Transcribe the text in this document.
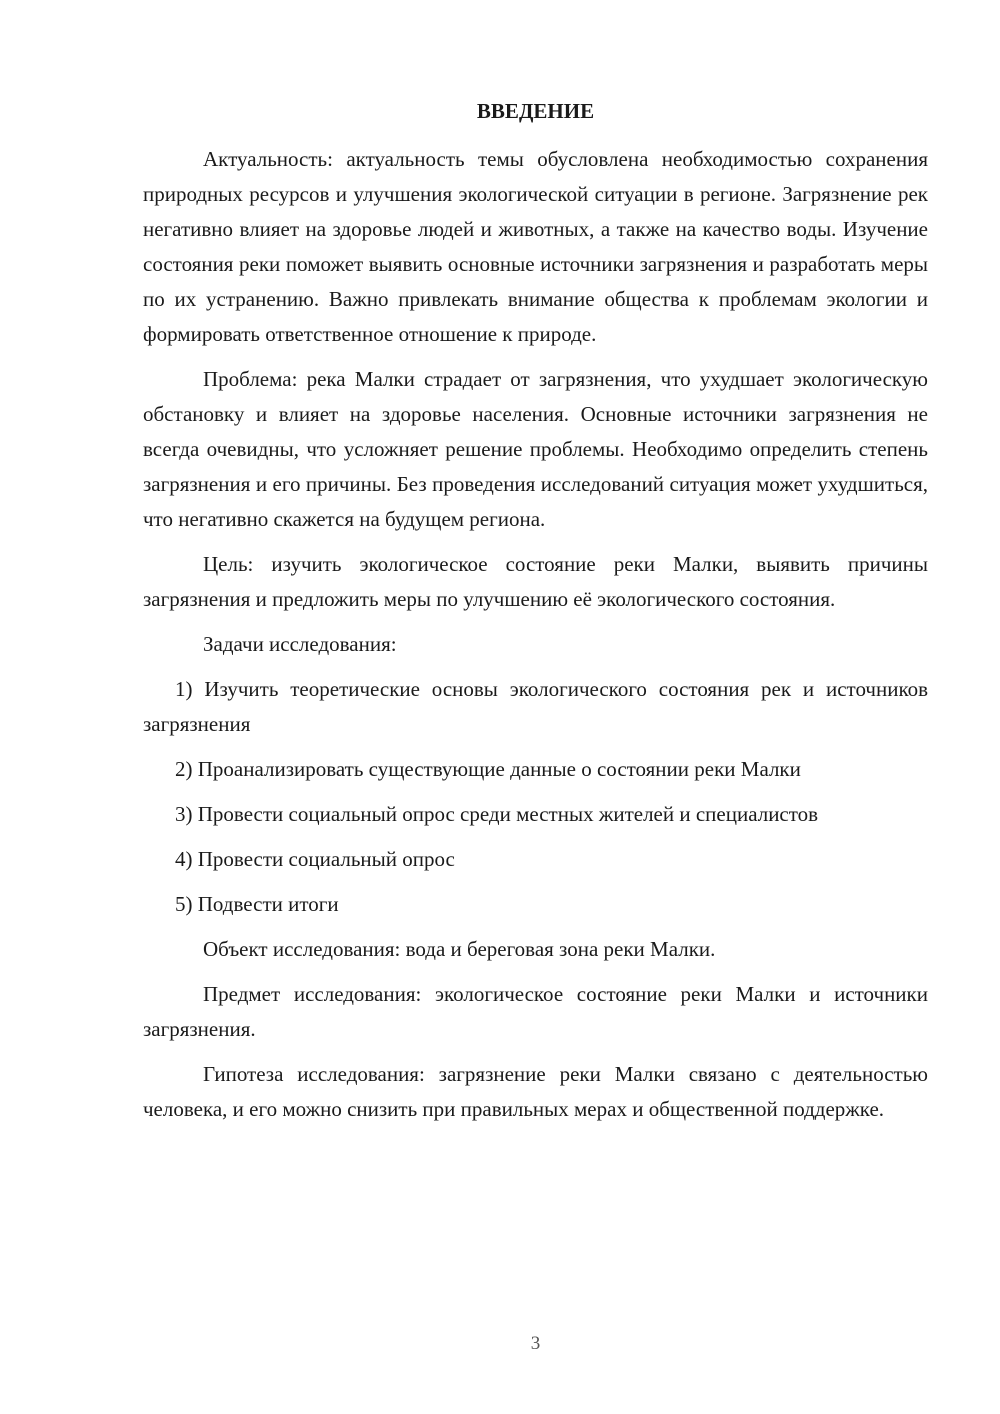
ВВЕДЕНИЕ

Актуальность: актуальность темы обусловлена необходимостью сохранения природных ресурсов и улучшения экологической ситуации в регионе. Загрязнение рек негативно влияет на здоровье людей и животных, а также на качество воды. Изучение состояния реки поможет выявить основные источники загрязнения и разработать меры по их устранению. Важно привлекать внимание общества к проблемам экологии и формировать ответственное отношение к природе.

Проблема: река Малки страдает от загрязнения, что ухудшает экологическую обстановку и влияет на здоровье населения. Основные источники загрязнения не всегда очевидны, что усложняет решение проблемы. Необходимо определить степень загрязнения и его причины. Без проведения исследований ситуация может ухудшиться, что негативно скажется на будущем региона.

Цель: изучить экологическое состояние реки Малки, выявить причины загрязнения и предложить меры по улучшению её экологического состояния.

Задачи исследования:

1) Изучить теоретические основы экологического состояния рек и источников загрязнения

2) Проанализировать существующие данные о состоянии реки Малки

3) Провести социальный опрос среди местных жителей и специалистов

4) Провести социальный опрос

5) Подвести итоги

Объект исследования: вода и береговая зона реки Малки.

Предмет исследования: экологическое состояние реки Малки и источники загрязнения.

Гипотеза исследования: загрязнение реки Малки связано с деятельностью человека, и его можно снизить при правильных мерах и общественной поддержке.

3
